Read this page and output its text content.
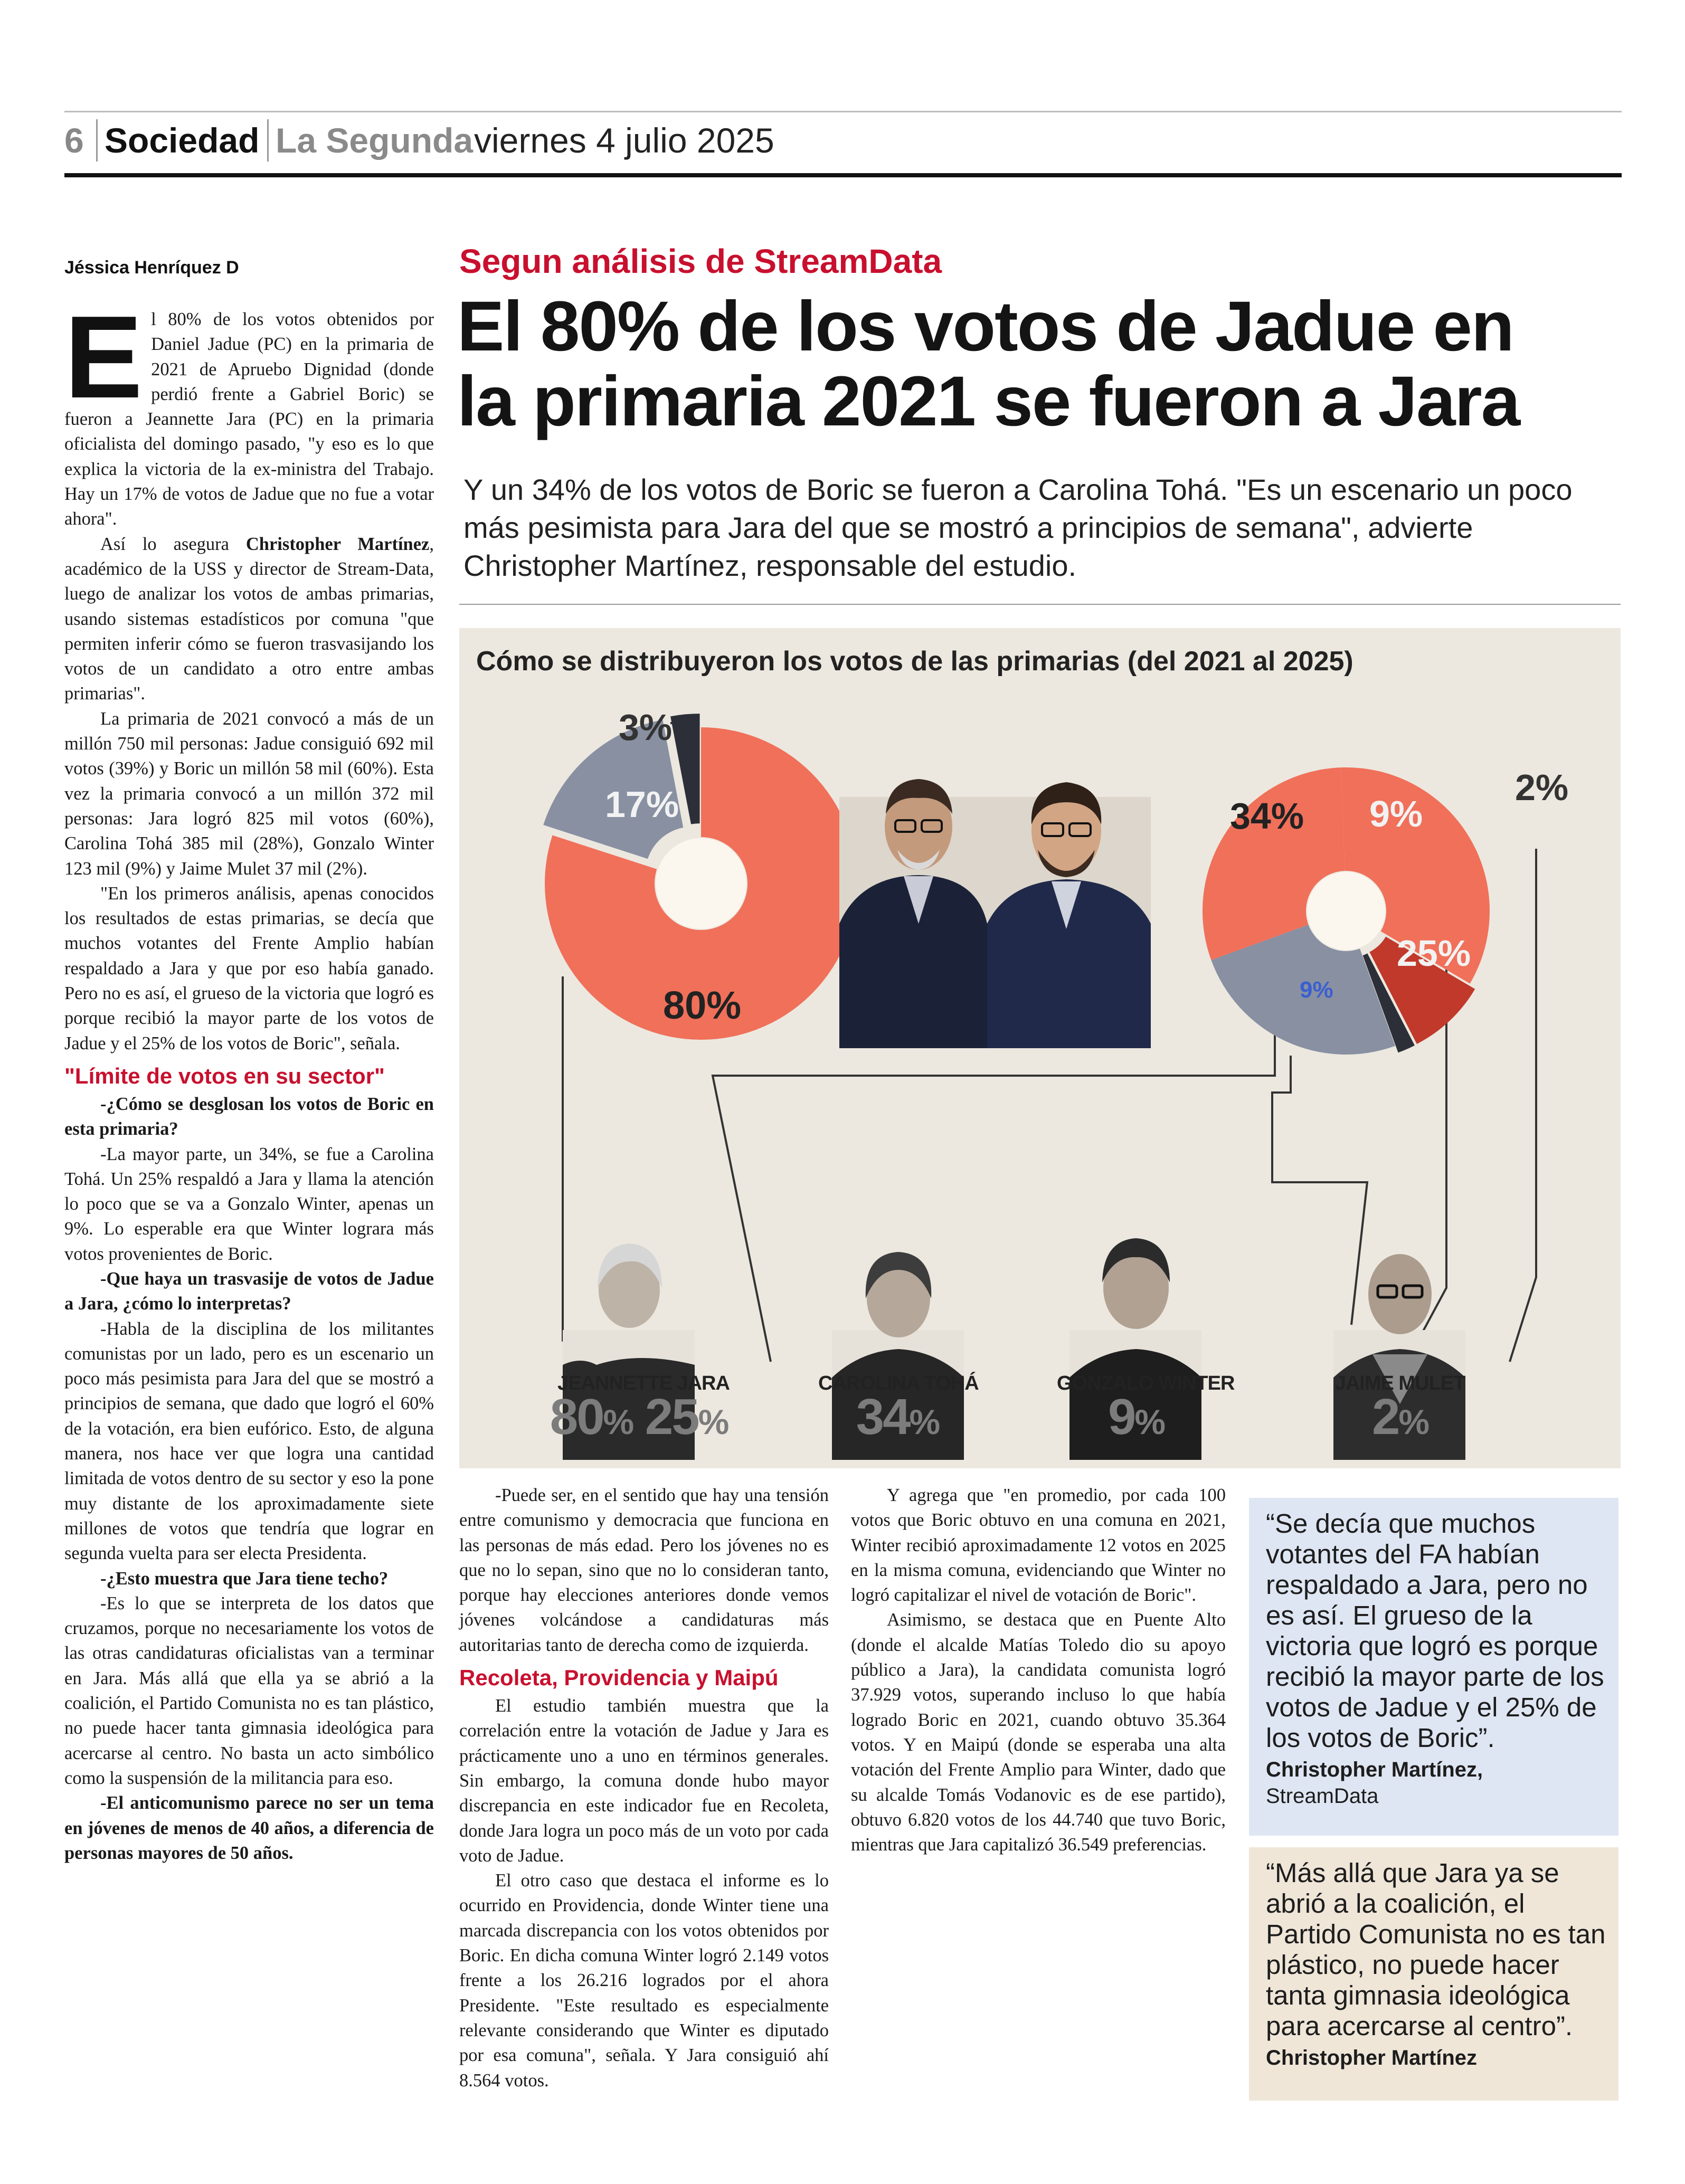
6 Sociedad La Segunda viernes 4 julio 2025
Jéssica Henríquez D	Segun análisis de StreamData
El 80% de los votos de Jadue en
la primaria 2021 se fueron a Jara
Y un 34% de los votos de Boric se fueron a Carolina Tohá. "Es un escenario un poco más pesimista para Jara del que se mostró a principios de semana", advierte Christopher Martínez, responsable del estudio.

El 80% de los votos obtenidos por Daniel Jadue (PC) en la primaria de 2021 de Apruebo Dignidad (donde perdió frente a Gabriel Boric) se fueron a Jeannette Jara (PC) en la primaria oficialista del domingo pasado, "y eso es lo que explica la victoria de la ex-ministra del Trabajo. Hay un 17% de votos de Jadue que no fue a votar ahora".

Así lo asegura Christopher Martínez, académico de la USS y director de Stream-Data, luego de analizar los votos de ambas primarias, usando sistemas estadísticos por comuna "que permiten inferir cómo se fueron trasvasijando los votos de un candidato a otro entre ambas primarias".

La primaria de 2021 convocó a más de un millón 750 mil personas: Jadue consiguió 692 mil votos (39%) y Boric un millón 58 mil (60%). Esta vez la primaria convocó a un millón 372 mil personas: Jara logró 825 mil votos (60%), Carolina Tohá 385 mil (28%), Gonzalo Winter 123 mil (9%) y Jaime Mulet 37 mil (2%).

"En los primeros análisis, apenas conocidos los resultados de estas primarias, se decía que muchos votantes del Frente Amplio habían respaldado a Jara y que por eso había ganado. Pero no es así, el grueso de la victoria que logró es porque recibió la mayor parte de los votos de Jadue y el 25% de los votos de Boric", señala.

"Límite de votos en su sector"

-¿Cómo se desglosan los votos de Boric en esta primaria?

-La mayor parte, un 34%, se fue a Carolina Tohá. Un 25% respaldó a Jara y llama la atención lo poco que se va a Gonzalo Winter, apenas un 9%. Lo esperable era que Winter lograra más votos provenientes de Boric.

-Que haya un trasvasije de votos de Jadue a Jara, ¿cómo lo interpretas?

-Habla de la disciplina de los militantes comunistas por un lado, pero es un escenario un poco más pesimista para Jara del que se mostró a principios de semana, que dado que logró el 60% de la votación, era bien eufórico. Esto, de alguna manera, nos hace ver que logra una cantidad limitada de votos dentro de su sector y eso la pone muy distante de los aproximadamente siete millones de votos que tendría que lograr en segunda vuelta para ser electa Presidenta.

-¿Esto muestra que Jara tiene techo?

-Es lo que se interpreta de los datos que cruzamos, porque no necesariamente los votos de las otras candidaturas oficialistas van a terminar en Jara. Más allá que ella ya se abrió a la coalición, el Partido Comunista no es tan plástico, no puede hacer tanta gimnasia ideológica para acercarse al centro. No basta un acto simbólico como la suspensión de la militancia para eso.

-El anticomunismo parece no ser un tema en jóvenes de menos de 40 años, a diferencia de personas mayores de 50 años.

-Puede ser, en el sentido que hay una tensión entre comunismo y democracia que funciona en las personas de más edad. Pero los jóvenes no es que no lo sepan, sino que no lo consideran tanto, porque hay elecciones anteriores donde vemos jóvenes volcándose a candidaturas más autoritarias tanto de derecha como de izquierda.

Recoleta, Providencia y Maipú

El estudio también muestra que la correlación entre la votación de Jadue y Jara es prácticamente uno a uno en términos generales. Sin embargo, la comuna donde hubo mayor discrepancia en este indicador fue en Recoleta, donde Jara logra un poco más de un voto por cada voto de Jadue.

El otro caso que destaca el informe es lo ocurrido en Providencia, donde Winter tiene una marcada discrepancia con los votos obtenidos por Boric. En dicha comuna Winter logró 2.149 votos frente a los 26.216 logrados por el ahora Presidente. "Este resultado es especialmente relevante considerando que Winter es diputado por esa comuna", señala. Y Jara consiguió ahí 8.564 votos.

Y agrega que "en promedio, por cada 100 votos que Boric obtuvo en una comuna en 2021, Winter recibió aproximadamente 12 votos en 2025 en la misma comuna, evidenciando que Winter no logró capitalizar el nivel de votación de Boric".

Asimismo, se destaca que en Puente Alto (donde el alcalde Matías Toledo dio su apoyo público a Jara), la candidata comunista logró 37.929 votos, superando incluso lo que había logrado Boric en 2021, cuando obtuvo 35.364 votos. Y en Maipú (donde se esperaba una alta votación del Frente Amplio para Winter, dado que su alcalde Tomás Vodanovic es de ese partido), obtuvo 6.820 votos de los 44.740 que tuvo Boric, mientras que Jara capitalizó 36.549 preferencias.

“Se decía que muchos votantes del FA habían respaldado a Jara, pero no es así. El grueso de la victoria que logró es porque recibió la mayor parte de los votos de Jadue y el 25% de los votos de Boric”.
Christopher Martínez,
StreamData
“Más allá que Jara ya se abrió a la coalición, el Partido Comunista no es tan plástico, no puede hacer tanta gimnasia ideológica para acercarse al centro”.
Christopher Martínez
Cómo se distribuyeron los votos de las primarias (del 2021 al 2025)
3%
17%
80%
34% 9%
2%
25%
9%
JEANNETTE JARA
80% 25%
CAROLINA TOHÁ
34%
GONZALO WINTER
9%
JAIME MULET
2%
